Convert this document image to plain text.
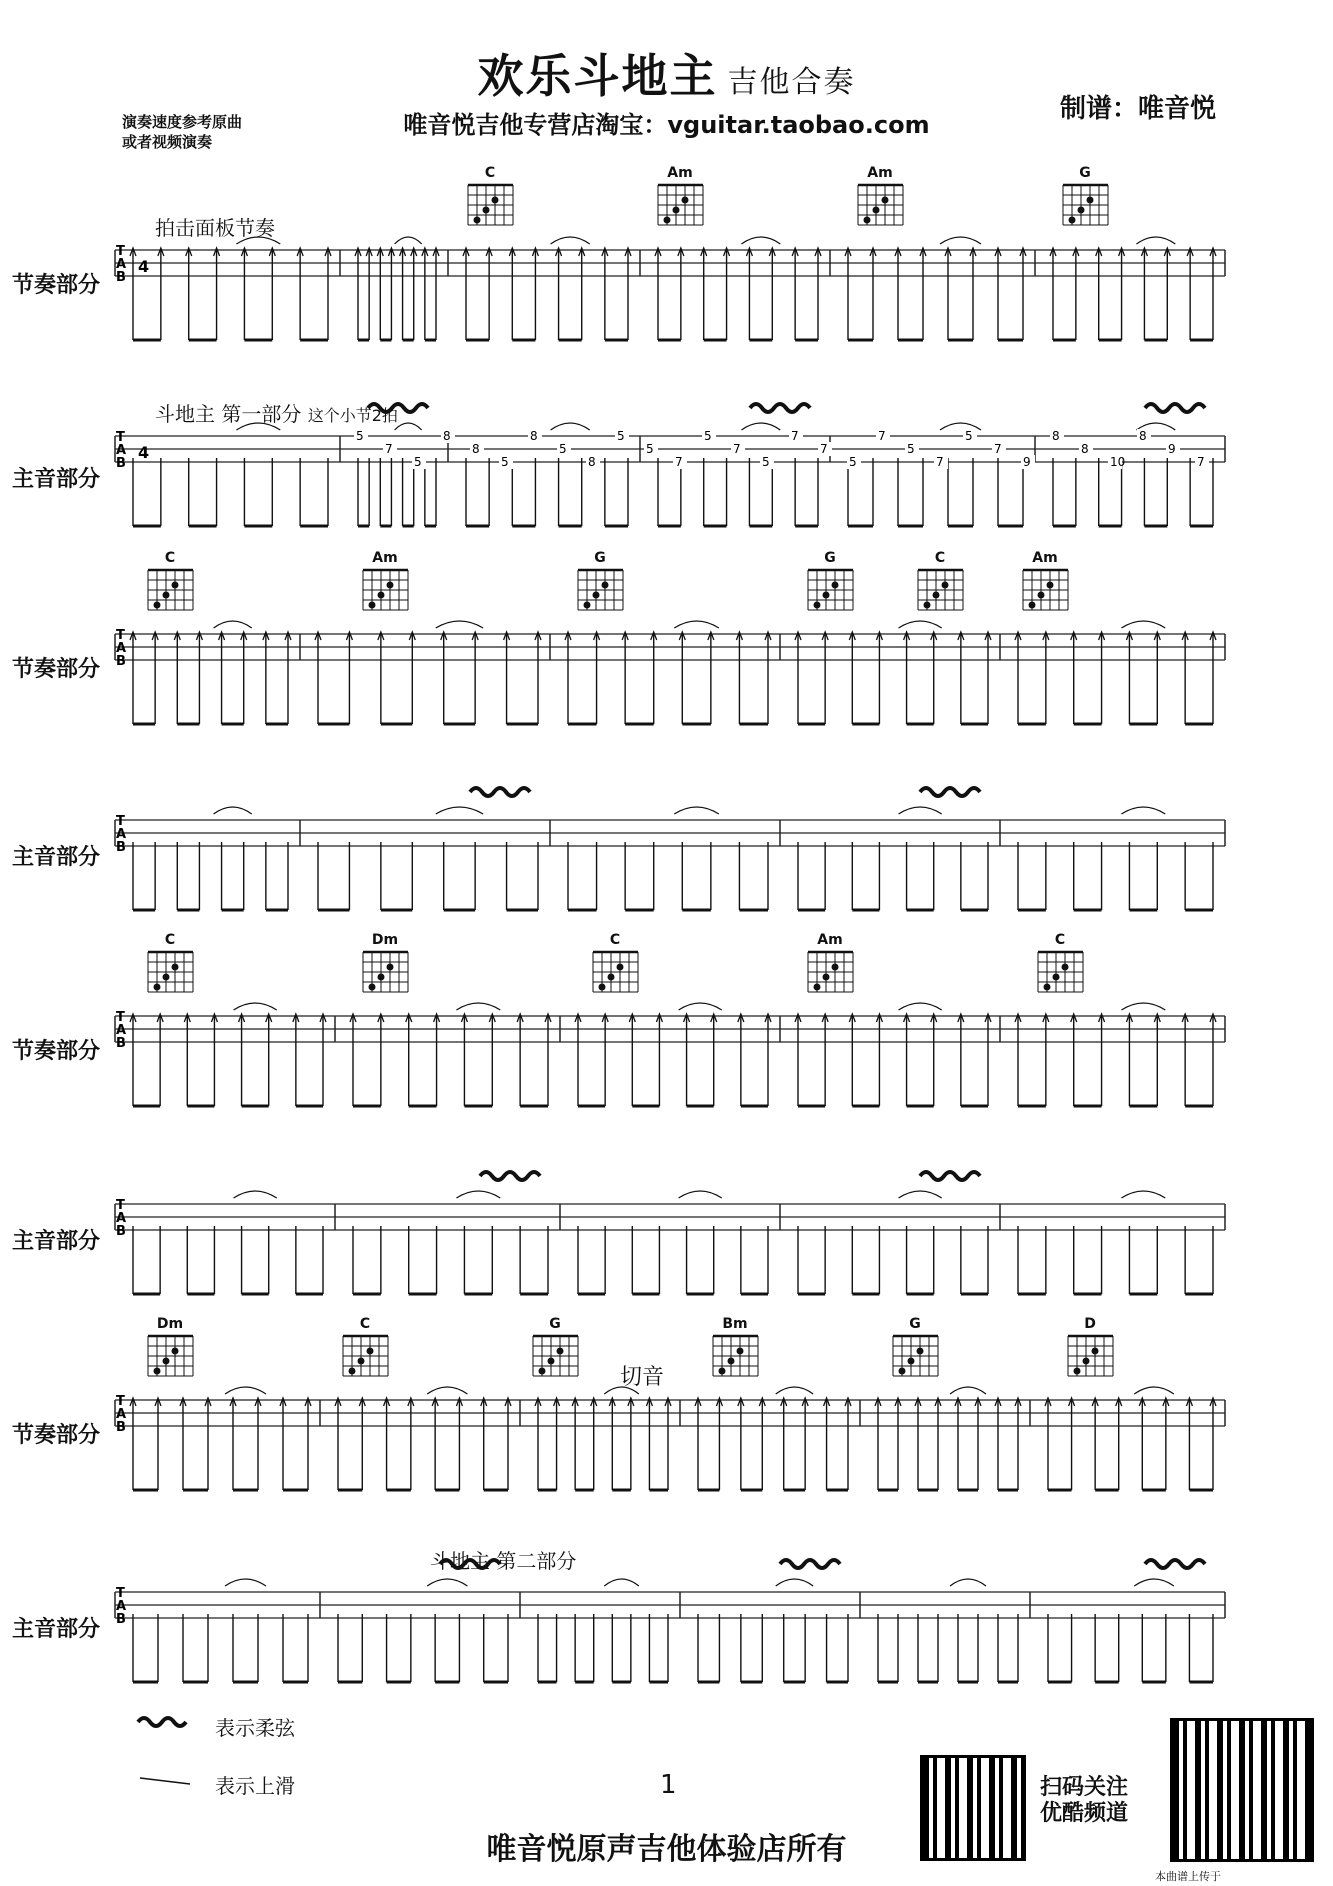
欢乐斗地主 吉他合奏
唯音悦吉他专营店淘宝：vguitar.taobao.com
制谱：唯音悦
演奏速度参考原曲
或者视频演奏
节奏部分
主音部分
节奏部分
主音部分
节奏部分
主音部分
节奏部分
主音部分
拍击面板节奏
斗地主 第一部分 这个小节2拍
切音
斗地主 第二部分
C	Am	Am	G
C	Am	G	G	C	Am
C	Dm	C	Am	C
Dm	C	G	Bm	G	D
T
A
B
T
A
B
T
A
B
T
A
B
T
A
B
T
A
B
T
A
B
T
A
B
5
7
5
8
8
5
8
5
8
5
5
7
5
7
5
7
7
5
7
5
7
5
7
9
8
8
10
8
9
7
4
4
表示柔弦
表示上滑	1
唯音悦原声吉他体验店所有
扫码关注
优酷频道
本曲谱上传于
